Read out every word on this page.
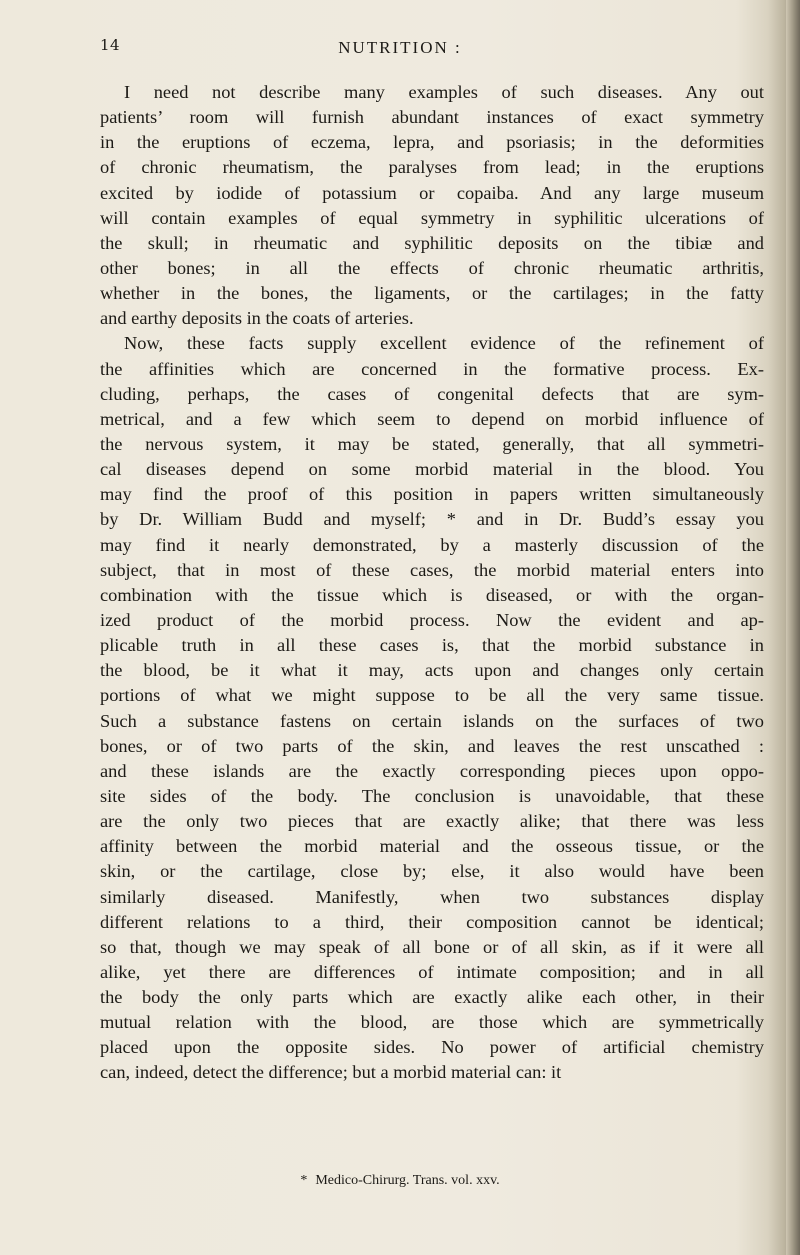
14	NUTRITION :
I need not describe many examples of such diseases. Any out
patients’ room will furnish abundant instances of exact symmetry
in the eruptions of eczema, lepra, and psoriasis; in the deformities
of chronic rheumatism, the paralyses from lead; in the eruptions
excited by iodide of potassium or copaiba. And any large museum
will contain examples of equal symmetry in syphilitic ulcerations of
the skull; in rheumatic and syphilitic deposits on the tibiæ and
other bones; in all the effects of chronic rheumatic arthritis,
whether in the bones, the ligaments, or the cartilages; in the fatty
and earthy deposits in the coats of arteries.
Now, these facts supply excellent evidence of the refinement of
the affinities which are concerned in the formative process. Ex-
cluding, perhaps, the cases of congenital defects that are sym-
metrical, and a few which seem to depend on morbid influence of
the nervous system, it may be stated, generally, that all symmetri-
cal diseases depend on some morbid material in the blood. You
may find the proof of this position in papers written simultaneously
by Dr. William Budd and myself; * and in Dr. Budd’s essay you
may find it nearly demonstrated, by a masterly discussion of the
subject, that in most of these cases, the morbid material enters into
combination with the tissue which is diseased, or with the organ-
ized product of the morbid process. Now the evident and ap-
plicable truth in all these cases is, that the morbid substance in
the blood, be it what it may, acts upon and changes only certain
portions of what we might suppose to be all the very same tissue.
Such a substance fastens on certain islands on the surfaces of two
bones, or of two parts of the skin, and leaves the rest unscathed :
and these islands are the exactly corresponding pieces upon oppo-
site sides of the body. The conclusion is unavoidable, that these
are the only two pieces that are exactly alike; that there was less
affinity between the morbid material and the osseous tissue, or the
skin, or the cartilage, close by; else, it also would have been
similarly diseased. Manifestly, when two substances display
different relations to a third, their composition cannot be identical;
so that, though we may speak of all bone or of all skin, as if it were all
alike, yet there are differences of intimate composition; and in all
the body the only parts which are exactly alike each other, in their
mutual relation with the blood, are those which are symmetrically
placed upon the opposite sides. No power of artificial chemistry
can, indeed, detect the difference; but a morbid material can: it
* Medico-Chirurg. Trans. vol. xxv.
